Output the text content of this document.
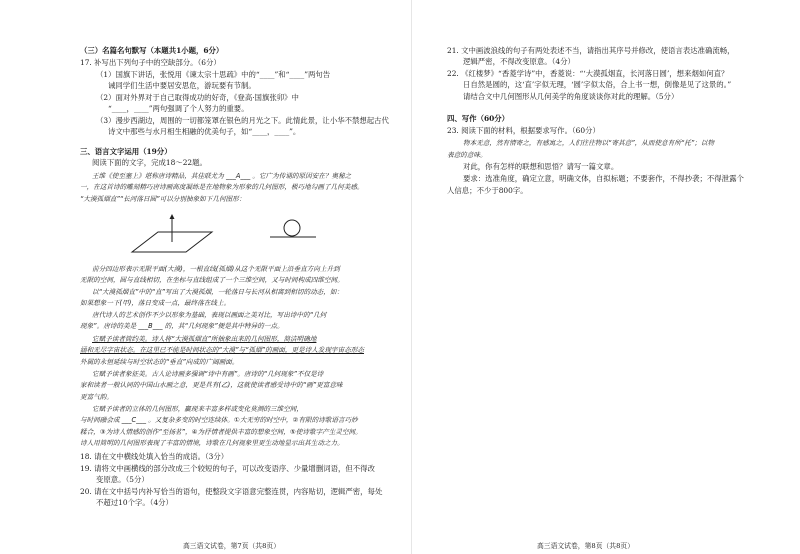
（三）名篇名句默写（本题共1小题，6分）
17. 补写出下列句子中的空缺部分。（6分）
（1）国旗下讲话，张悦用《谏太宗十思疏》中的“____”和“____”两句告
诫同学们生活中要居安思危，游玩要有节制。
（2）面对外界对于自己取得成功的好奇，《登高·国旗张卯》中
“____，____”两句强调了个人努力的重要。
（3）漫步西湖边，周围的一切都笼罩在银色的月光之下。此情此景，让小华不禁想起古代
诗文中那些与水月相生相融的优美句子，如“____，____”。
三、语言文字运用（19分）
阅读下面的文字，完成18～22题。
王维《使至塞上》堪称唐诗精品，其佳联尤为 ___A___ 。它广为传诵的原因安在？奥秘之
一，在这首诗的雕刻精巧唐诗画高度凝练是在地物象为形象的几何图形，极巧地勾画了几何美感。
“大漠孤烟直”“长河落日圆”可以分别抽象如下几何图形：
前分四边形表示无限平面(大漠)，一根直线(孤烟)从这个无限平面上沿垂直方向上升到
无限的空间，圆与直线相切，在坐标与直线组成了一个三维空间，又与时间构成四维空间。
以“大漠孤烟直”中的“直”写出了大漠孤烟，一轮落日与长河从相离到相切的动态，如：
如果想象一下(甲)，落日变成一点，最终落在线上。
唐代诗人的艺术创作不少以形象为基础，表现以画面之美对比，写出诗中的“几何
现象”。唐诗的美是 ___B___ 的，其“几何现象”便是其中特异的一点。
它赋予读者简约美。诗人将“大漠孤烟直”所抽象出来的几何图形，简洁明确地
涵和无尽字宙状态。在这里已不能是时间状态的“大漠”与“孤烟”的画面，更是诗人发现宇宙态形态
外属的永恒延续与时空状态的“垂直”向成的广阔画面。
它赋予读者象征美。古人论诗画多强调“诗中有画”。唐诗的“几何现象”不仅是诗
家和读者一般认同的中国山水画之意，更是具有(乙)，这就使读者感受诗中的“画”更富意味
更富气韵。
它赋予读者的立体的几何图形，赢现来丰富多样或变化莫测的三维空间，
与时间融会成 ___C___ 。又复杂多变的时空连续体。①大无穷的时空中，②有限的诗歌语言巧妙
糅合，③为诗人情感的创作“至扬茗”，④为抒情者提供丰富的想象空间，⑤使诗歌字产生灵空间。
诗人用简明的几何图形表现了丰富的情境，诗歌在几何视象里更生动地显示出其生动之力。
18. 请在文中横线处填入恰当的成语。（3分）
19. 请将文中画横线的部分改成三个较短的句子，可以改变语序、少量增删词语，但不得改
变原意。（5分）
20. 请在文中括号内补写恰当的语句，使整段文字语意完整连贯，内容贴切，逻辑严密，每处
不超过10个字。（4分）
高三语文试卷，第7页（共8页）
21. 文中画波浪线的句子有两处表述不当，请指出其序号并修改，使语言表达准确流畅，
逻辑严密，不得改变原意。（4分）
22. 《红楼梦》“香菱学诗”中，香菱说：“‘大漠孤烟直，长河落日圆’，想来烟如何直？
日自然是圆的，这‘直’字似无理，‘圆’字似太俗，合上书一想，倒像是见了这景的。”
请结合文中几何图形从几何美学的角度谈谈你对此的理解。（5分）
四、写作（60分）
23. 阅读下面的材料，根据要求写作。（60分）
物本无意，然有情寄之，有感寓之，人们往往物以“寄其意”，从而使意有所“托”；以物
表意的意味。
对此，你有怎样的联想和思悟？请写一篇文章。
要求：选准角度，确定立意，明确文体，自拟标题；不要套作，不得抄袭；不得泄露个
人信息；不少于800字。
高三语文试卷，第8页（共8页）
